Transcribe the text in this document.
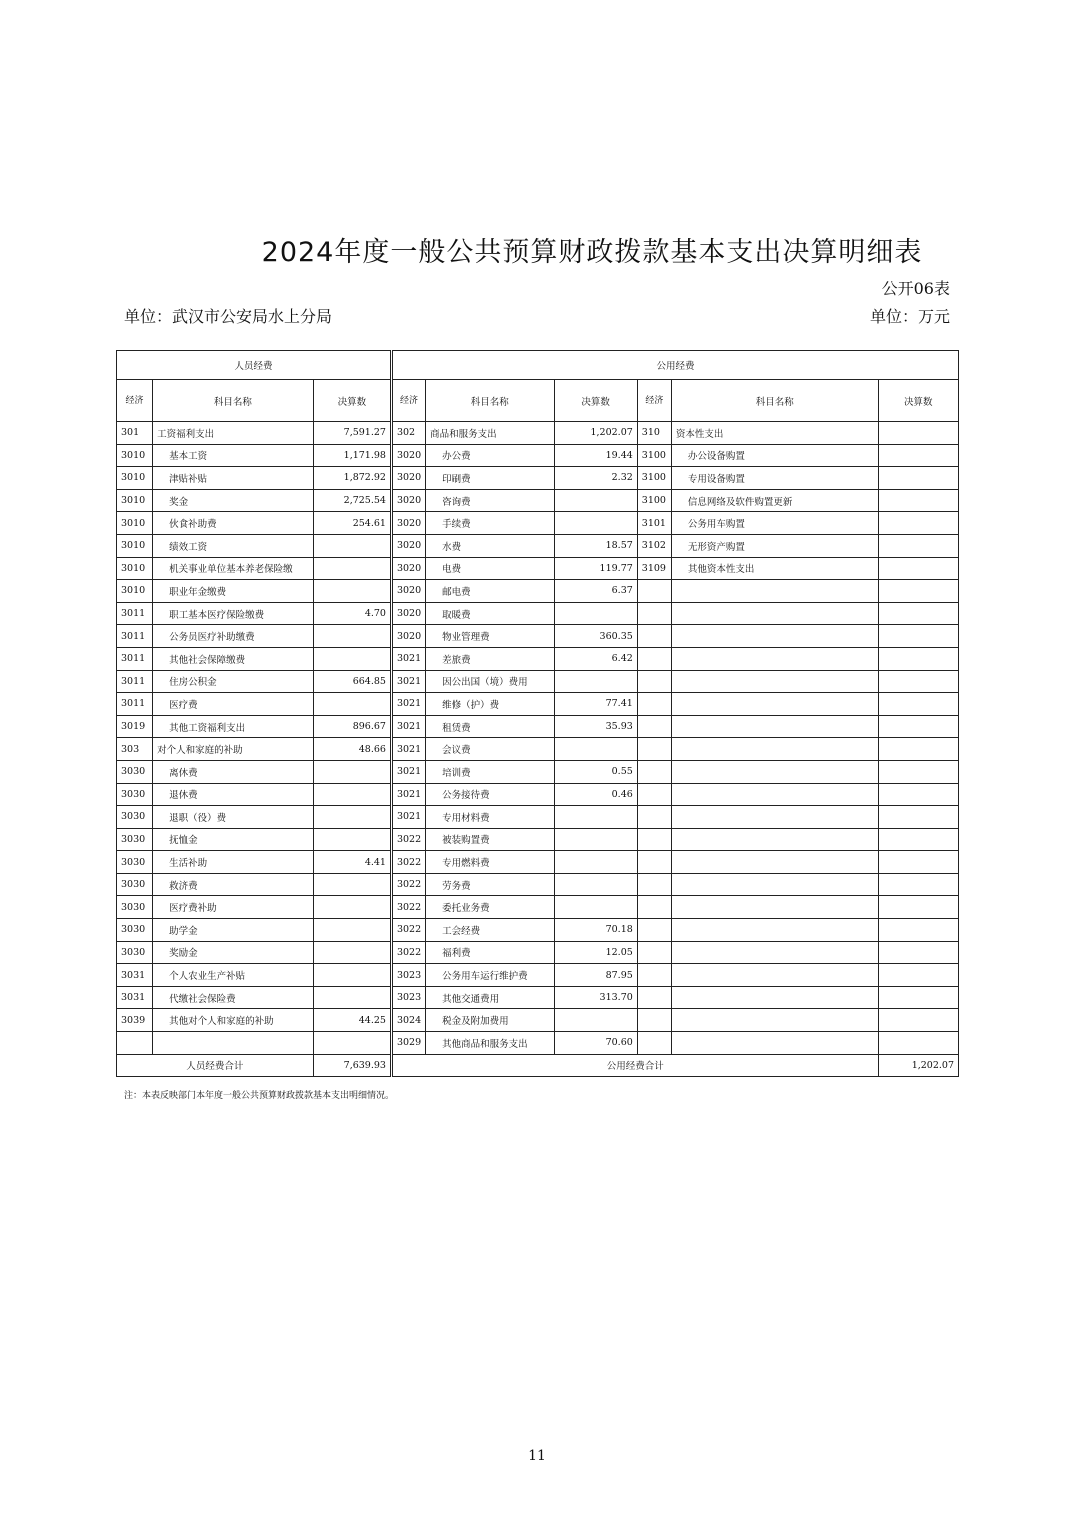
2024年度一般公共预算财政拨款基本支出决算明细表
公开06表
单位：武汉市公安局水上分局	单位：万元
人员经费			公用经费					
经济	科目名称	决算数	经济	科目名称	决算数	经济	科目名称	决算数
301	工资福利支出	7,591.27	302	商品和服务支出	1,202.07	310	资本性支出	
3010	基本工资	1,171.98	3020	办公费	19.44	3100	办公设备购置	
3010	津贴补贴	1,872.92	3020	印刷费	2.32	3100	专用设备购置	
3010	奖金	2,725.54	3020	咨询费		3100	信息网络及软件购置更新	
3010	伙食补助费	254.61	3020	手续费		3101	公务用车购置	
3010	绩效工资		3020	水费	18.57	3102	无形资产购置	
3010	机关事业单位基本养老保险缴		3020	电费	119.77	3109	其他资本性支出	
3010	职业年金缴费		3020	邮电费	6.37			
3011	职工基本医疗保险缴费	4.70	3020	取暖费				
3011	公务员医疗补助缴费		3020	物业管理费	360.35			
3011	其他社会保障缴费		3021	差旅费	6.42			
3011	住房公积金	664.85	3021	因公出国（境）费用				
3011	医疗费		3021	维修（护）费	77.41			
3019	其他工资福利支出	896.67	3021	租赁费	35.93			
303	对个人和家庭的补助	48.66	3021	会议费				
3030	离休费		3021	培训费	0.55			
3030	退休费		3021	公务接待费	0.46			
3030	退职（役）费		3021	专用材料费				
3030	抚恤金		3022	被装购置费				
3030	生活补助	4.41	3022	专用燃料费				
3030	救济费		3022	劳务费				
3030	医疗费补助		3022	委托业务费				
3030	助学金		3022	工会经费	70.18			
3030	奖励金		3022	福利费	12.05			
3031	个人农业生产补贴		3023	公务用车运行维护费	87.95			
3031	代缴社会保险费		3023	其他交通费用	313.70			
3039	其他对个人和家庭的补助	44.25	3024	税金及附加费用				
			3029	其他商品和服务支出	70.60			
人员经费合计		7,639.93	公用经费合计					1,202.07
注：本表反映部门本年度一般公共预算财政拨款基本支出明细情况。
11
